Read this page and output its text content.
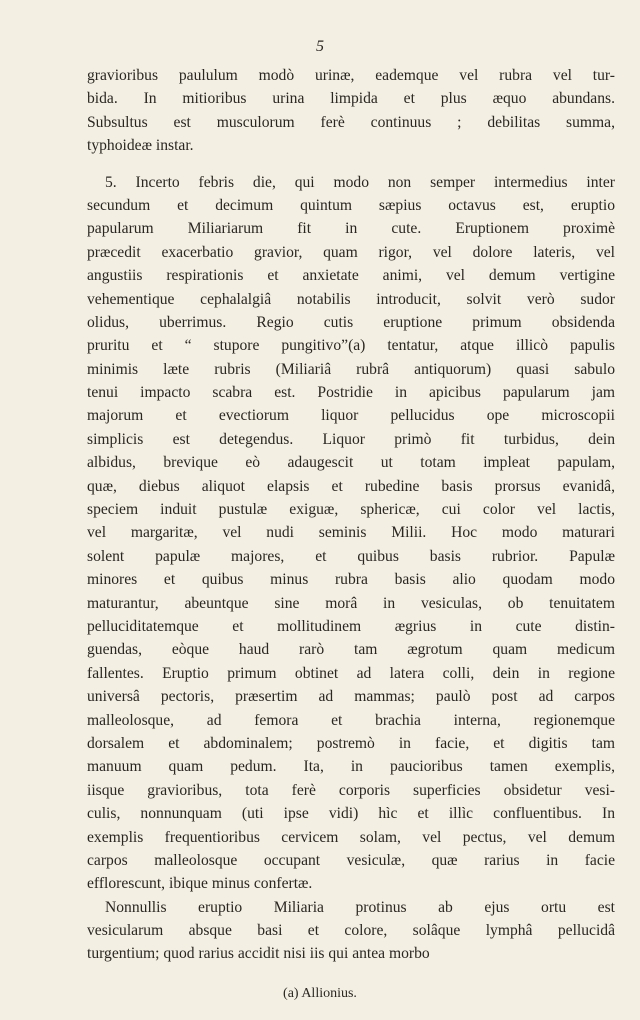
5
gravioribus paululum modò urinæ, eademque vel rubra vel tur-
bida. In mitioribus urina limpida et plus æquo abundans.
Subsultus est musculorum ferè continuus ; debilitas summa,
typhoideæ instar.
5. Incerto febris die, qui modo non semper intermedius inter
secundum et decimum quintum sæpius octavus est, eruptio
papularum Miliariarum fit in cute. Eruptionem proximè
præcedit exacerbatio gravior, quam rigor, vel dolore lateris, vel
angustiis respirationis et anxietate animi, vel demum vertigine
vehementique cephalalgiâ notabilis introducit, solvit verò sudor
olidus, uberrimus. Regio cutis eruptione primum obsidenda
pruritu et “ stupore pungitivo”(a) tentatur, atque illicò papulis
minimis læte rubris (Miliariâ rubrâ antiquorum) quasi sabulo
tenui impacto scabra est. Postridie in apicibus papularum jam
majorum et evectiorum liquor pellucidus ope microscopii
simplicis est detegendus. Liquor primò fit turbidus, dein
albidus, brevique eò adaugescit ut totam impleat papulam,
quæ, diebus aliquot elapsis et rubedine basis prorsus evanidâ,
speciem induit pustulæ exiguæ, sphericæ, cui color vel lactis,
vel margaritæ, vel nudi seminis Milii. Hoc modo maturari
solent papulæ majores, et quibus basis rubrior. Papulæ
minores et quibus minus rubra basis alio quodam modo
maturantur, abeuntque sine morâ in vesiculas, ob tenuitatem
pelluciditatemque et mollitudinem ægrius in cute distin-
guendas, eòque haud rarò tam ægrotum quam medicum
fallentes. Eruptio primum obtinet ad latera colli, dein in regione
universâ pectoris, præsertim ad mammas; paulò post ad carpos
malleolosque, ad femora et brachia interna, regionemque
dorsalem et abdominalem; postremò in facie, et digitis tam
manuum quam pedum. Ita, in paucioribus tamen exemplis,
iisque gravioribus, tota ferè corporis superficies obsidetur vesi-
culis, nonnunquam (uti ipse vidi) hìc et illìc confluentibus. In
exemplis frequentioribus cervicem solam, vel pectus, vel demum
carpos malleolosque occupant vesiculæ, quæ rarius in facie
efflorescunt, ibique minus confertæ.
Nonnullis eruptio Miliaria protinus ab ejus ortu est
vesicularum absque basi et colore, solâque lymphâ pellucidâ
turgentium; quod rarius accidit nisi iis qui antea morbo
(a) Allionius.
